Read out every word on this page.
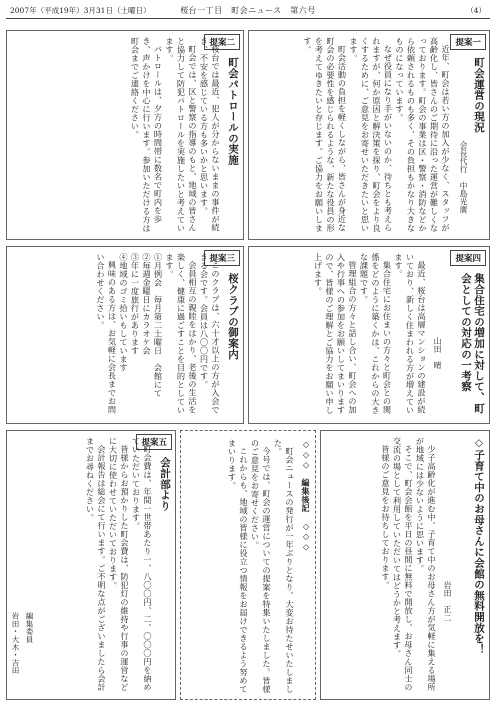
2007年（平成19年）3月31日（土曜日）	桜台一丁目　町会ニュース　第六号	（4）
提案一
町会運営の現況
会長代行　中島光廣

近年、町会は若い方の加入が少なく、スタッフが高齢化し、皆さんのご期待に沿った運営が難しくなっております。町会の事業は区・警察・消防などから依頼されるものも多く、その負担もかなり大きなものになっています。

なぜ役員になり手がいないのか、待ちとも考えられますが、何か原因と解決策を探り、町会をより良くするために、ご意見をお寄せいただきたいと思います。

町会活動の負担を軽くしながら、皆さんが身近な町会の必要性を感じられるような、新たな役員の形を考えてゆきたいと存じます。ご協力をお願いします。

提案二
町会パトロールの実施

桜台では最近、犯人が分からないままの事件が続き、不安を感じている方も多いかと思います。

町会では、区と警察の指導のもと、地域の皆さんと協力して防犯パトロールを実施したいと考えています。

パトロールは、夕方の時間帯に数名で町内を歩き、声かけを中心に行います。参加いただける方は町会までご連絡ください。

提案三
桜クラブの御案内

このクラブは、六十才以上の方が入会できる会です。会員は八〇〇円です。

会員相互の親睦をはかり、老後の生活を楽しく、健康に過ごすことを目的としています。

①月例会　毎月第二土曜日　会館にて

②毎週金曜日にカラオケ会

③年に一度旅行があります

④地域のゴミ拾いもしています

興味のある方は、お気軽に会長までお問い合わせください。	提案四
集合住宅の増加に対して、町会としての対応の一考察
山田　晴

最近、桜台は高層マンションの建設が続いており、新しく住まわれる方が増えています。

集合住宅にお住まいの方々と町会との関係をどのように築くかは、これからの大きな課題です。

管理組合の方々と話し合い、町会への加入や行事への参加をお願いしてまいりますので、皆様のご理解とご協力をお願い申し上げます。

提案五
会計部より

町会費は、年間一世帯あたり一、八〇〇円、二、〇〇〇円を納めていただいております。

皆様からお預かりした町会費は、防犯灯の維持や行事の運営などに大切に使わせていただいております。

会計報告は総会にて行います。ご不明な点がございましたら会計までお尋ねください。	◇◇◇　編集後記　◇◇◇

町会ニュースの発行が一年ぶりとなり、大変お待たせいたしました。

今号では、町会の運営についての提案を特集いたしました。皆様のご意見をお寄せください。

これからも、地域の皆様に役立つ情報をお届けできるよう努めてまいります。	◇子育て中のお母さんに会館の無料開放を！
岩田　正二

少子高齢化が進む中、子育て中のお母さん方が気軽に集える場所が地域には少ないように思います。

そこで、町会会館を平日の昼間に無料で開放し、お母さん同士の交流の場として利用していただいてはどうかと考えます。

皆様のご意見をお待ちしております。

編集委員
岩田・大木・吉田
